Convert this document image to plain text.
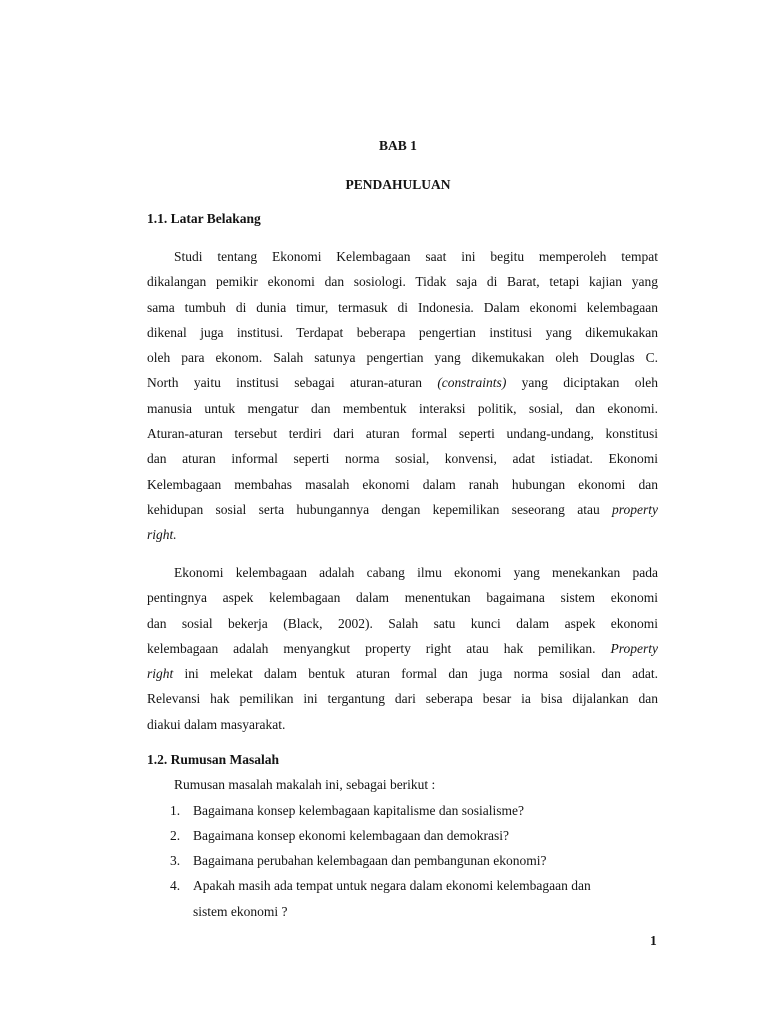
BAB 1
PENDAHULUAN
1.1. Latar Belakang
Studi tentang Ekonomi Kelembagaan saat ini begitu memperoleh tempat
dikalangan pemikir ekonomi dan sosiologi. Tidak saja di Barat, tetapi kajian yang
sama tumbuh di dunia timur, termasuk di Indonesia. Dalam ekonomi kelembagaan
dikenal juga institusi. Terdapat beberapa pengertian institusi yang dikemukakan
oleh para ekonom. Salah satunya pengertian yang dikemukakan oleh Douglas C.
North yaitu institusi sebagai aturan-aturan (constraints) yang diciptakan oleh
manusia untuk mengatur dan membentuk interaksi politik, sosial, dan ekonomi.
Aturan-aturan tersebut terdiri dari aturan formal seperti undang-undang, konstitusi
dan aturan informal seperti norma sosial, konvensi, adat istiadat. Ekonomi
Kelembagaan membahas masalah ekonomi dalam ranah hubungan ekonomi dan
kehidupan sosial serta hubungannya dengan kepemilikan seseorang atau property
right.
Ekonomi kelembagaan adalah cabang ilmu ekonomi yang menekankan pada
pentingnya aspek kelembagaan dalam menentukan bagaimana sistem ekonomi
dan sosial bekerja (Black, 2002). Salah satu kunci dalam aspek ekonomi
kelembagaan adalah menyangkut property right atau hak pemilikan. Property
right ini melekat dalam bentuk aturan formal dan juga norma sosial dan adat.
Relevansi hak pemilikan ini tergantung dari seberapa besar ia bisa dijalankan dan
diakui dalam masyarakat.
1.2. Rumusan Masalah
Rumusan masalah makalah ini, sebagai berikut :
1. Bagaimana konsep kelembagaan kapitalisme dan sosialisme?
2. Bagaimana konsep ekonomi kelembagaan dan demokrasi?
3. Bagaimana perubahan kelembagaan dan pembangunan ekonomi?
4. Apakah masih ada tempat untuk negara dalam ekonomi kelembagaan dan
sistem ekonomi ?
1
